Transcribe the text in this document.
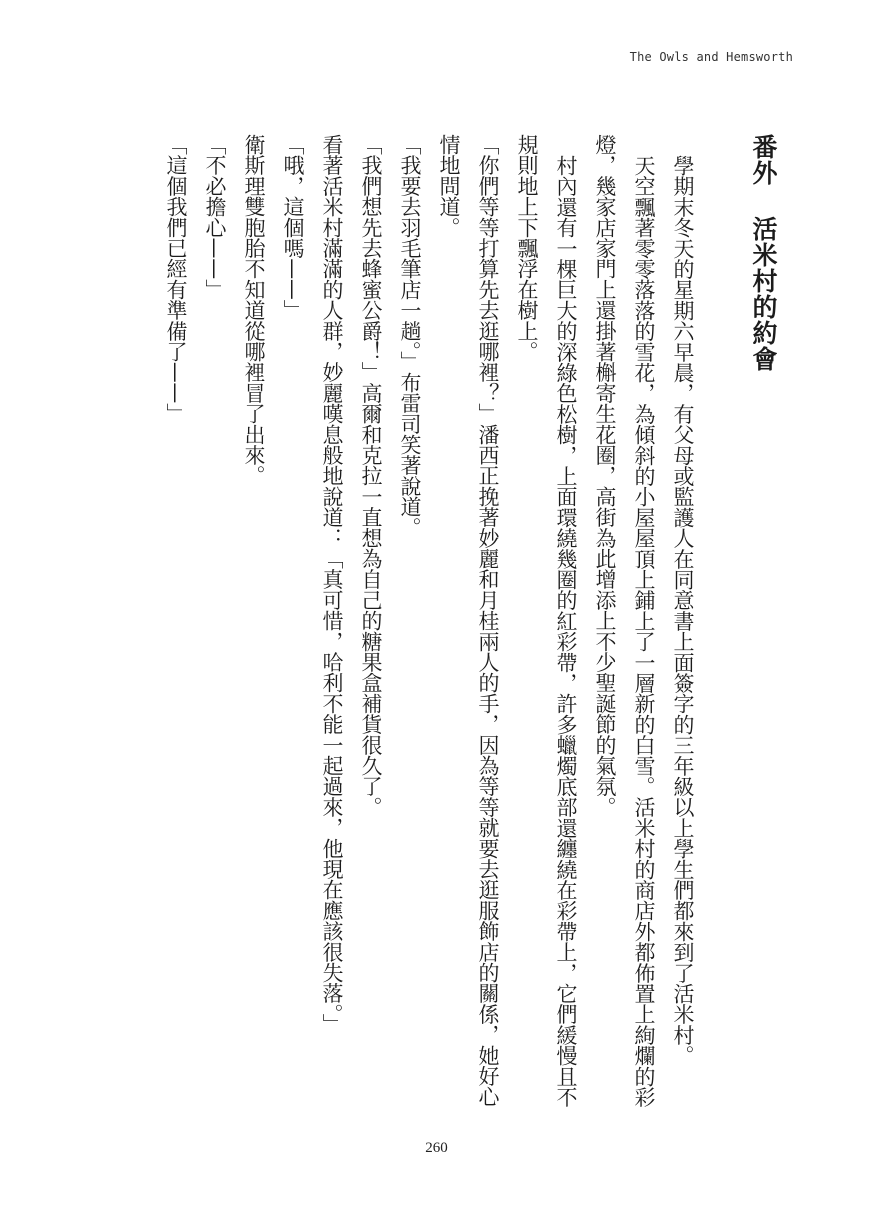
The Owls and Hemsworth
番外活米村的約會

學期末冬天的星期六早晨，有父母或監護人在同意書上面簽字的三年級以上學生們都來到了活米村。

天空飄著零零落落的雪花，為傾斜的小屋屋頂上鋪上了一層新的白雪。活米村的商店外都佈置上絢爛的彩燈，幾家店家門上還掛著槲寄生花圈，高街為此增添上不少聖誕節的氣氛。

村內還有一棵巨大的深綠色松樹，上面環繞幾圈的紅彩帶，許多蠟燭底部還纏繞在彩帶上，它們緩慢且不規則地上下飄浮在樹上。

「你們等等打算先去逛哪裡？」潘西正挽著妙麗和月桂兩人的手，因為等等就要去逛服飾店的關係，她好心情地問道。

「我要去羽毛筆店一趟。」布雷司笑著說道。

「我們想先去蜂蜜公爵！」高爾和克拉一直想為自己的糖果盒補貨很久了。

看著活米村滿滿的人群，妙麗嘆息般地說道：「真可惜，哈利不能一起過來，他現在應該很失落。」

「哦，這個嗎——」

衛斯理雙胞胎不知道從哪裡冒了出來。

「不必擔心——」

「這個我們已經有準備了——」

260
